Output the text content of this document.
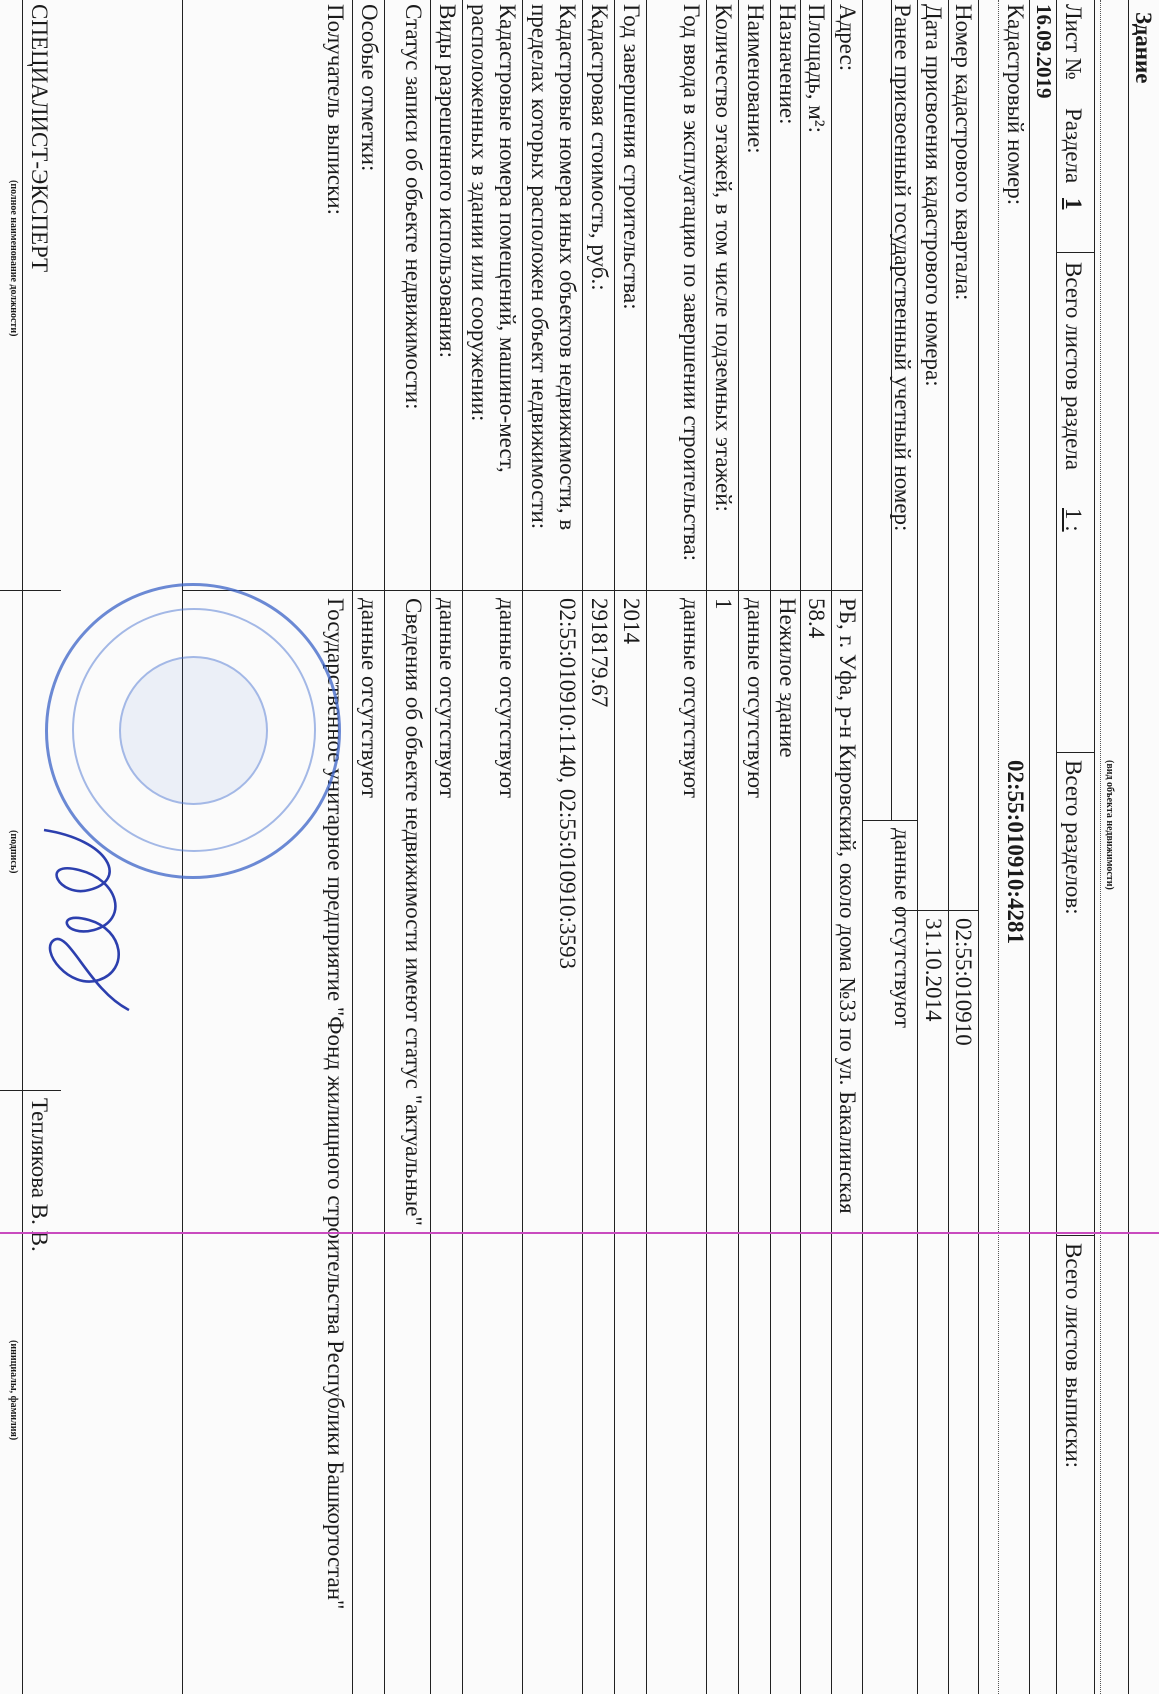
Здание
(вид объекта недвижимости)
Лист №
Раздела
1
Всего листов раздела
1 :
Всего разделов:
Всего листов выписки:
16.09.2019
Кадастровый номер:
02:55:010910:4281
Номер кадастрового квартала:
02:55:010910
Дата присвоения кадастрового номера:
31.10.2014
Ранее присвоенный государственный учетный номер:
данные отсутствуют
Адрес:
РБ, г. Уфа, р-н Кировский, около дома №33 по ул. Бакалинская
Площадь, м²:
58.4
Назначение:
Нежилое здание
Наименование:
данные отсутствуют
Количество этажей, в том числе подземных этажей:
1
Год ввода в эксплуатацию по завершении строительства:
данные отсутствуют
Год завершения строительства:
2014
Кадастровая стоимость, руб.:
2918179.67
Кадастровые номера иных объектов недвижимости, в пределах которых расположен объект недвижимости:
02:55:010910:1140, 02:55:010910:3593
Кадастровые номера помещений, машино-мест, расположенных в здании или сооружении:
данные отсутствуют
Виды разрешенного использования:
данные отсутствуют
Статус записи об объекте недвижимости:
Сведения об объекте недвижимости имеют статус "актуальные"
Особые отметки:
данные отсутствуют
Получатель выписки:
Государственное унитарное предприятие "Фонд жилищного строительства Республики Башкортостан"
СПЕЦИАЛИСТ-ЭКСПЕРТ
(полное наименование должности)
(подпись)
Теплякова В. В.
(инициалы, фамилия)
